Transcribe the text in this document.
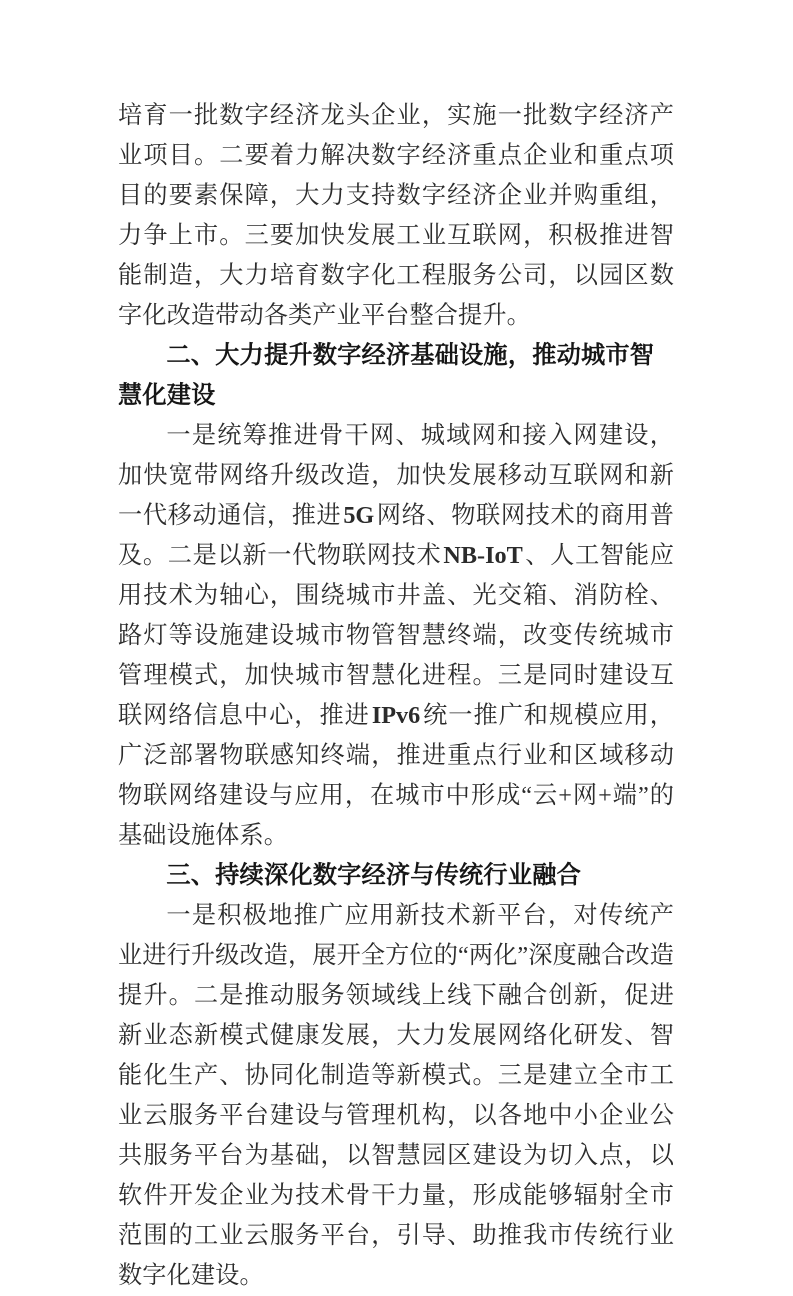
培育一批数字经济龙头企业，实施一批数字经济产业项目。二要着力解决数字经济重点企业和重点项目的要素保障，大力支持数字经济企业并购重组，力争上市。三要加快发展工业互联网，积极推进智能制造，大力培育数字化工程服务公司，以园区数字化改造带动各类产业平台整合提升。

二、大力提升数字经济基础设施，推动城市智慧化建设

一是统筹推进骨干网、城域网和接入网建设，加快宽带网络升级改造，加快发展移动互联网和新一代移动通信，推进5G网络、物联网技术的商用普及。二是以新一代物联网技术NB-IoT、人工智能应用技术为轴心，围绕城市井盖、光交箱、消防栓、路灯等设施建设城市物管智慧终端，改变传统城市管理模式，加快城市智慧化进程。三是同时建设互联网络信息中心，推进IPv6统一推广和规模应用，广泛部署物联感知终端，推进重点行业和区域移动物联网络建设与应用，在城市中形成“云+网+端”的基础设施体系。

三、持续深化数字经济与传统行业融合

一是积极地推广应用新技术新平台，对传统产业进行升级改造，展开全方位的“两化”深度融合改造提升。二是推动服务领域线上线下融合创新，促进新业态新模式健康发展，大力发展网络化研发、智能化生产、协同化制造等新模式。三是建立全市工业云服务平台建设与管理机构，以各地中小企业公共服务平台为基础，以智慧园区建设为切入点，以软件开发企业为技术骨干力量，形成能够辐射全市范围的工业云服务平台，引导、助推我市传统行业数字化建设。
